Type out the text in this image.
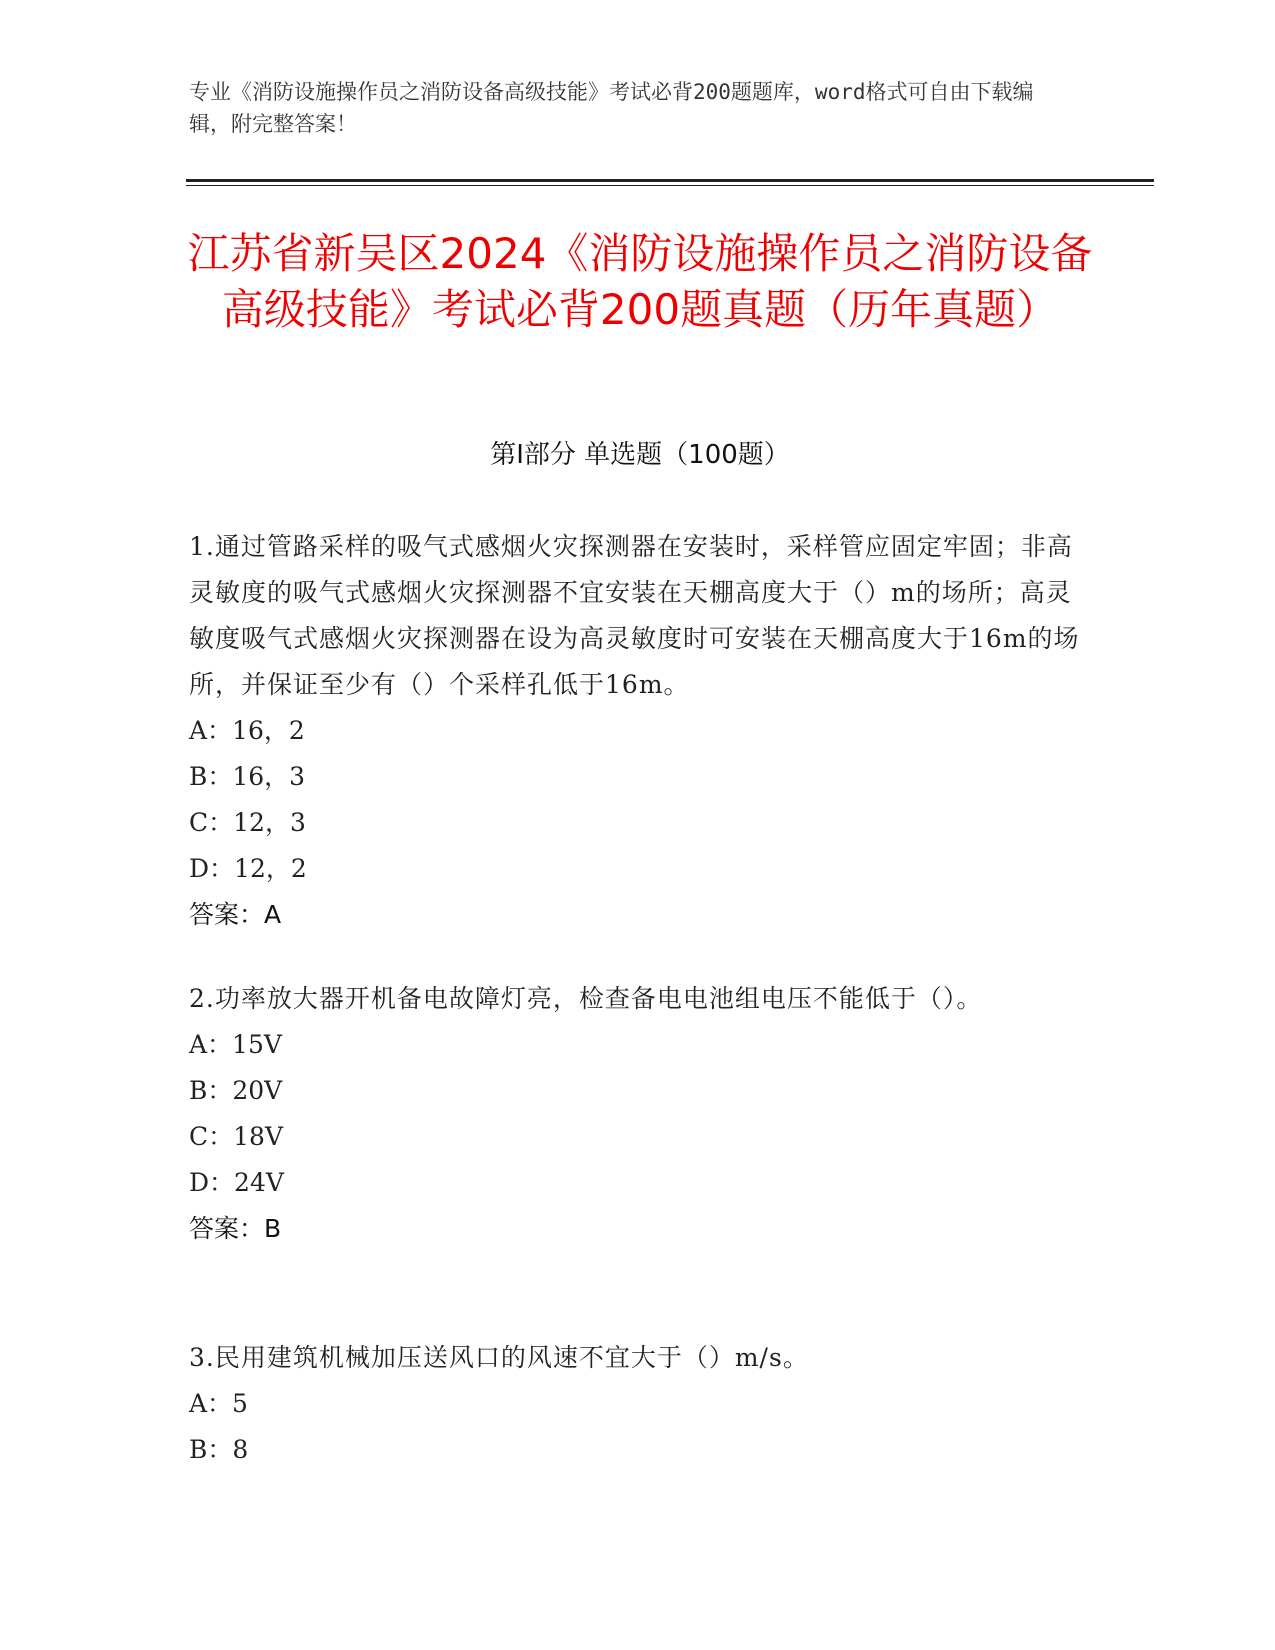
专业《消防设施操作员之消防设备高级技能》考试必背200题题库，word格式可自由下载编辑，附完整答案！
江苏省新吴区2024《消防设施操作员之消防设备高级技能》考试必背200题真题（历年真题）
第Ⅰ部分 单选题（100题）
1.通过管路采样的吸气式感烟火灾探测器在安装时，采样管应固定牢固；非高灵敏度的吸气式感烟火灾探测器不宜安装在天棚高度大于（）m的场所；高灵敏度吸气式感烟火灾探测器在设为高灵敏度时可安装在天棚高度大于16m的场所，并保证至少有（）个采样孔低于16m。
A：16，2
B：16，3
C：12，3
D：12，2
答案：A
2.功率放大器开机备电故障灯亮，检查备电电池组电压不能低于（）。
A：15V
B：20V
C：18V
D：24V
答案：B
3.民用建筑机械加压送风口的风速不宜大于（）m/s。
A：5
B：8
